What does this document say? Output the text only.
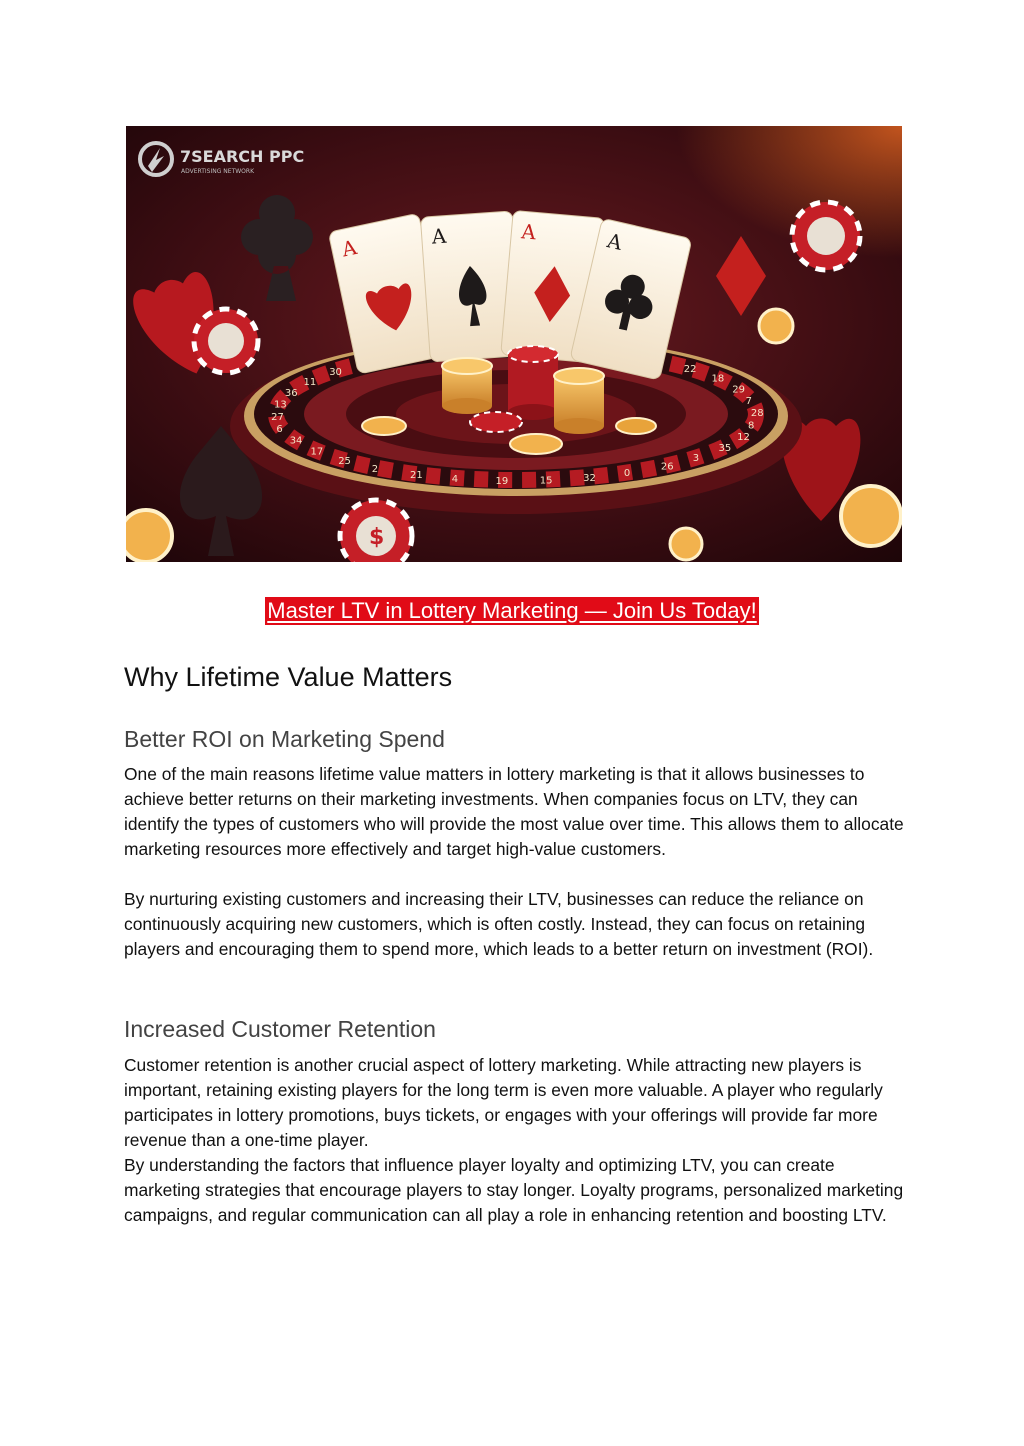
8
12
35
3
26
0
32
15
19
4
21
2
25
17
34
6
27
13
36
11
30	22
18
29
7
28
A	A	A	A
$
7SEARCH PPC
ADVERTISING NETWORK
Master LTV in Lottery Marketing — Join Us Today!
Why Lifetime Value Matters
Better ROI on Marketing Spend

One of the main reasons lifetime value matters in lottery marketing is that it allows businesses to achieve better returns on their marketing investments. When companies focus on LTV, they can identify the types of customers who will provide the most value over time. This allows them to allocate marketing resources more effectively and target high-value customers.

By nurturing existing customers and increasing their LTV, businesses can reduce the reliance on continuously acquiring new customers, which is often costly. Instead, they can focus on retaining players and encouraging them to spend more, which leads to a better return on investment (ROI).

Increased Customer Retention

Customer retention is another crucial aspect of lottery marketing. While attracting new players is important, retaining existing players for the long term is even more valuable. A player who regularly participates in lottery promotions, buys tickets, or engages with your offerings will provide far more revenue than a one-time player.

By understanding the factors that influence player loyalty and optimizing LTV, you can create marketing strategies that encourage players to stay longer. Loyalty programs, personalized marketing campaigns, and regular communication can all play a role in enhancing retention and boosting LTV.
